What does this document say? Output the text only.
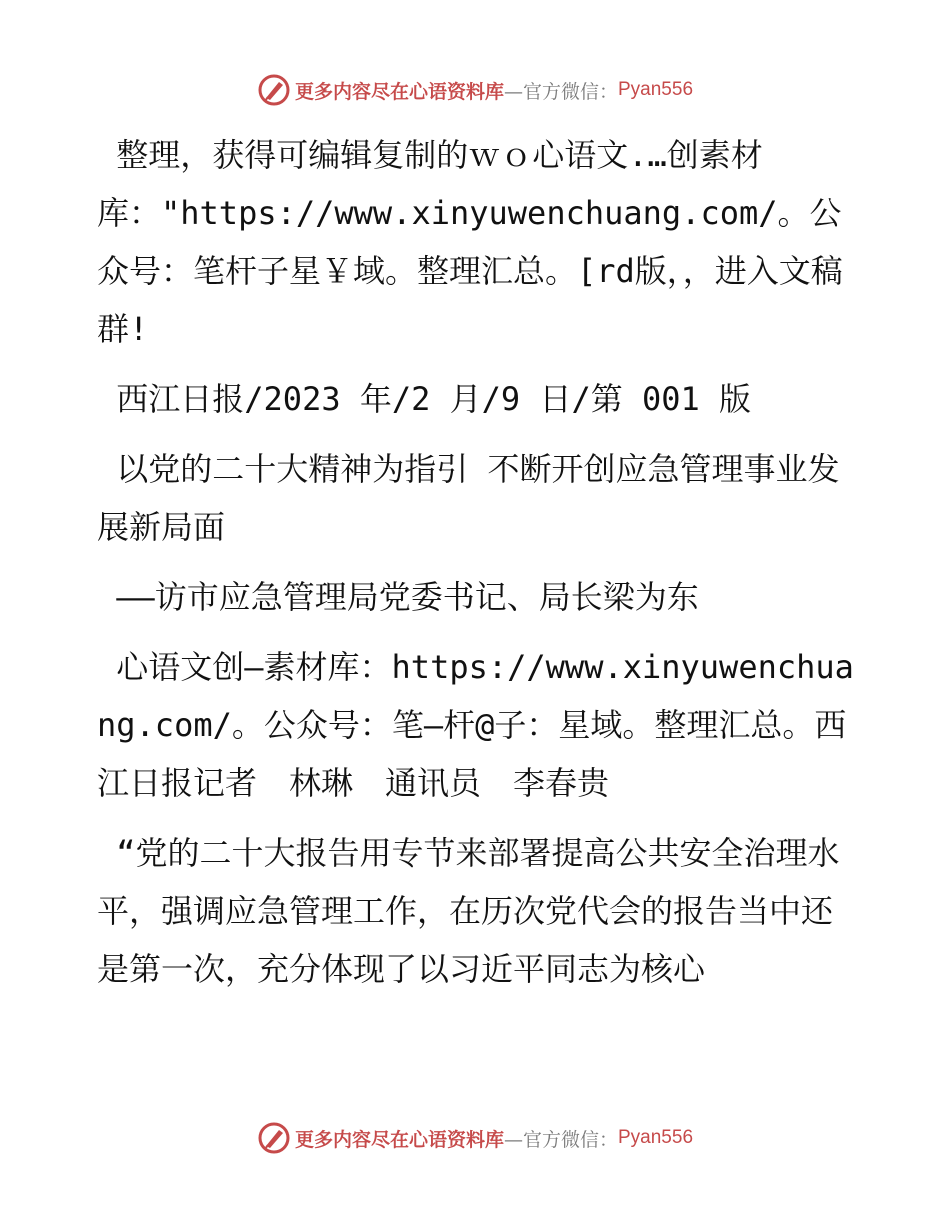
更多内容尽在心语资料库 —官方微信： Pyan556

整理，获得可编辑复制的ｗｏ心语文.…创素材库："https://www.xinyuwenchuang.com/。公众号：笔杆子星￥域。整理汇总。[rd版，，进入文稿群!

西江日报/2023 年/2 月/9 日/第 001 版

以党的二十大精神为指引 不断开创应急管理事业发展新局面

——访市应急管理局党委书记、局长梁为东

心语文创—素材库：https://www.xinyuwenchuang.com/。公众号：笔—杆@子：星域。整理汇总。西江日报记者　林琳　通讯员　李春贵

“党的二十大报告用专节来部署提高公共安全治理水平，强调应急管理工作，在历次党代会的报告当中还是第一次，充分体现了以习近平同志为核心

更多内容尽在心语资料库 —官方微信： Pyan556
